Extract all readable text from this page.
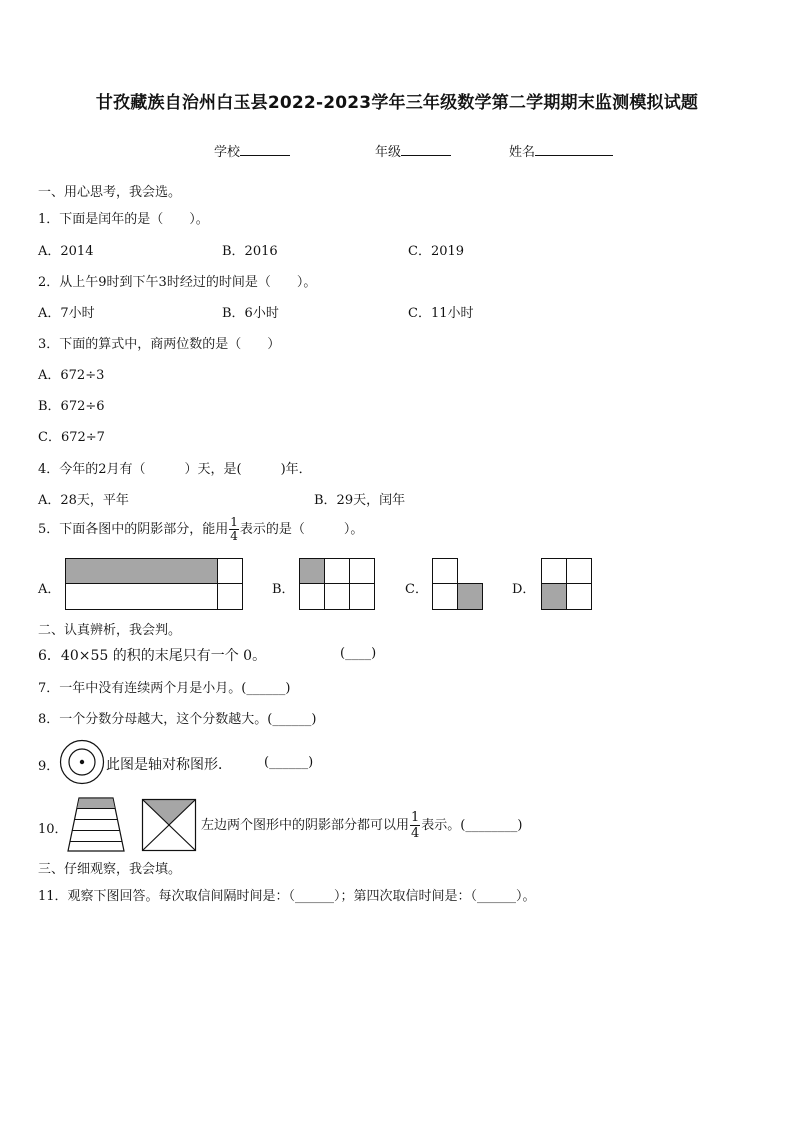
甘孜藏族自治州白玉县2022-2023学年三年级数学第二学期期末监测模拟试题
学校	年级	姓名
一、用心思考，我会选。
1．下面是闰年的是（　　）。
A．2014	B．2016	C．2019
2．从上午9时到下午3时经过的时间是（　　）。
A．7小时	B．6小时	C．11小时
3．下面的算式中，商两位数的是（　　）
A．672÷3
B．672÷6
C．672÷7
4．今年的2月有（　　　）天，是(　　　)年．
A．28天，平年	B．29天，闰年
5．下面各图中的阴影部分，能用 $\frac{1}{4}$ 表示的是（　　　）。
A．	B．	C．	D．
二、认真辨析，我会判。
6．40×55 的积的末尾只有一个 0。	(____)
7．一年中没有连续两个月是小月。(______)
8．一个分数分母越大，这个分数越大。(______)
9．	此图是轴对称图形． (______)
10．	左边两个图形中的阴影部分都可以用 $\frac{1}{4}$ 表示。(________)
三、仔细观察，我会填。
11．观察下图回答。每次取信间隔时间是：（______）；第四次取信时间是：（______）。
